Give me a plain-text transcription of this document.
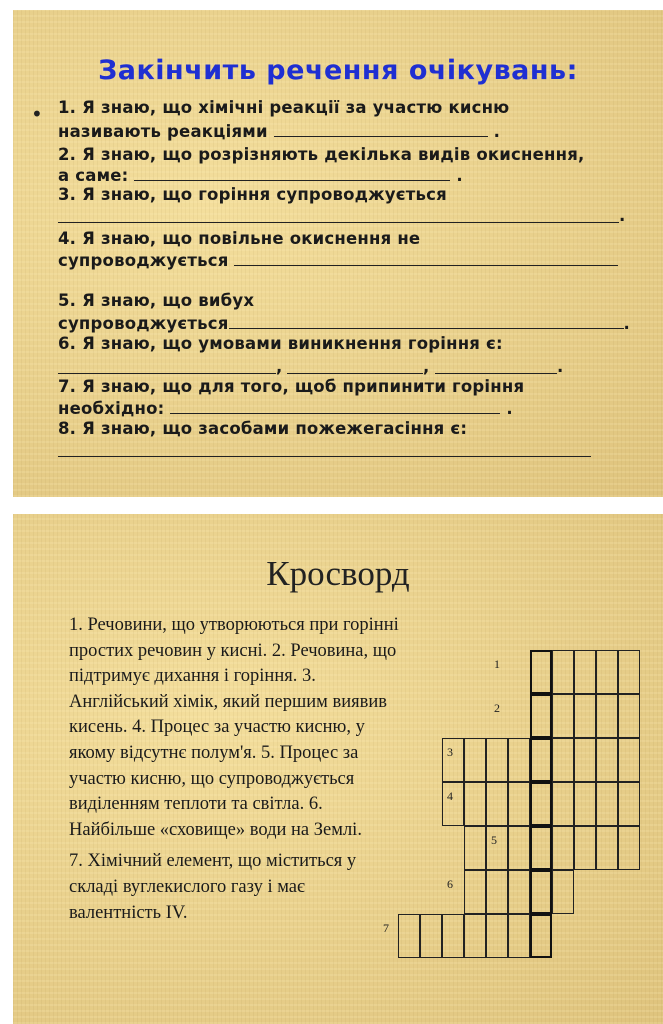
Закінчить речення очікувань:
• 1. Я знаю, що хімічні реакції за участю кисню
називають реакціями	.
2. Я знаю, що розрізняють декілька видів окиснення,
а саме:	.
3. Я знаю, що горіння супроводжується
.
4. Я знаю, що повільне окиснення не
супроводжується
5. Я знаю, що вибух
супроводжується	.
6. Я знаю, що умовами виникнення горіння є:
,	,	.
7. Я знаю, що для того, щоб припинити горіння
необхідно:	.
8. Я знаю, що засобами пожежегасіння є:
Кросворд

1. Речовини, що утворюються при горінні простих речовин у кисні. 2. Речовина, що підтримує дихання і горіння. 3. Англійський хімік, який першим виявив кисень. 4. Процес за участю кисню, у якому відсутнє полум'я. 5. Процес за участю кисню, що супроводжується виділенням теплоти та світла. 6. Найбільше «сховище» води на Землі.

7. Хімічний елемент, що міститься у складі вуглекислого газу і має валентність IV.

1
2
3
4
5
6
7
